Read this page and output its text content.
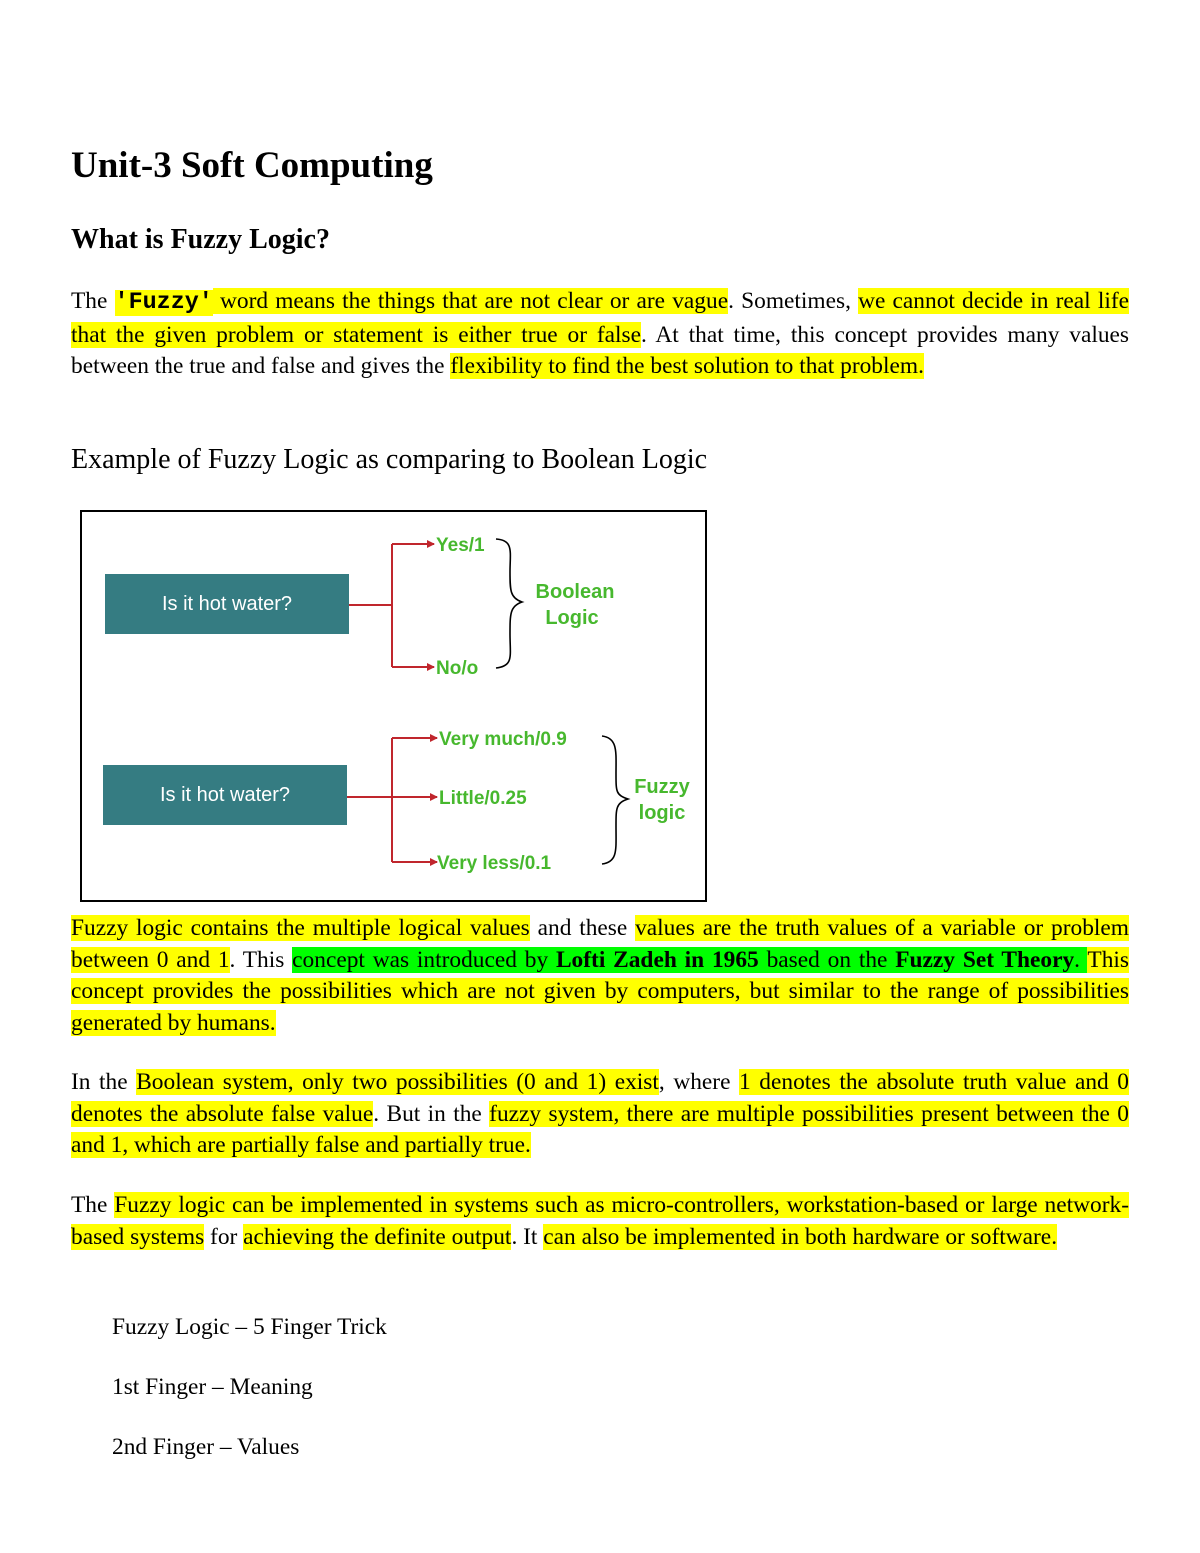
Unit-3 Soft Computing
What is Fuzzy Logic?

The 'Fuzzy' word means the things that are not clear or are vague. Sometimes, we cannot decide in real life that the given problem or statement is either true or false. At that time, this concept provides many values between the true and false and gives the flexibility to find the best solution to that problem.

Example of Fuzzy Logic as comparing to Boolean Logic

Fuzzy logic contains the multiple logical values and these values are the truth values of a variable or problem between 0 and 1. This concept was introduced by Lofti Zadeh in 1965 based on the Fuzzy Set Theory. This concept provides the possibilities which are not given by computers, but similar to the range of possibilities generated by humans.

In the Boolean system, only two possibilities (0 and 1) exist, where 1 denotes the absolute truth value and 0 denotes the absolute false value. But in the fuzzy system, there are multiple possibilities present between the 0 and 1, which are partially false and partially true.

The Fuzzy logic can be implemented in systems such as micro-controllers, workstation-based or large network-based systems for achieving the definite output. It can also be implemented in both hardware or software.

Fuzzy Logic – 5 Finger Trick

1st Finger – Meaning

2nd Finger – Values

Is it hot water?
Yes/1
No/o
Boolean
Logic
Is it hot water?
Very much/0.9
Little/0.25
Very less/0.1
Fuzzy
logic
